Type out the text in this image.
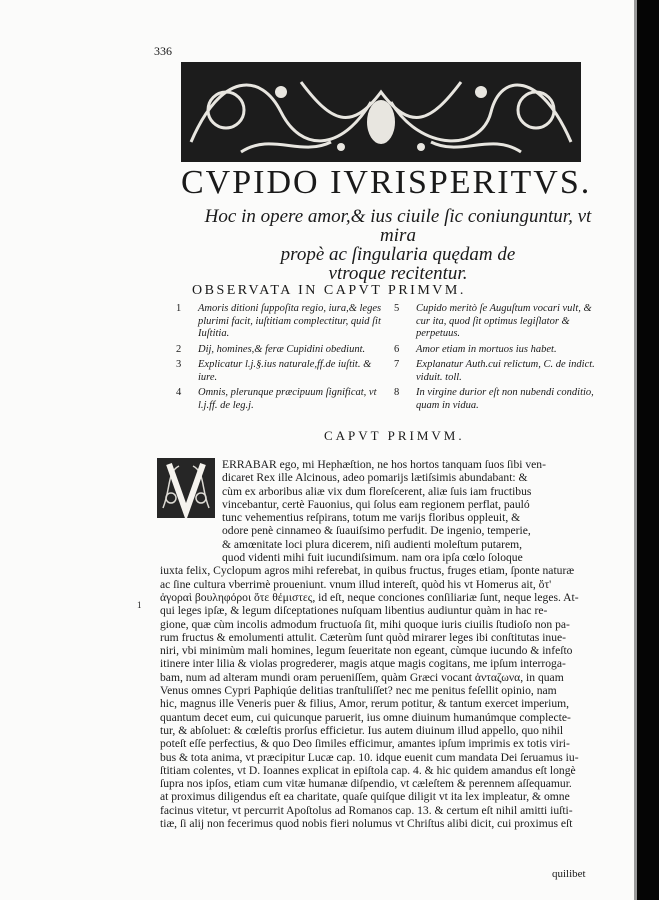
336
CVPIDO IVRISPERITVS.
Hoc in opere amor,& ius ciuile ſic coniunguntur, vt mira
propè ac ſingularia quędam de
vtroque recitentur.
OBSERVATA IN CAPVT PRIMVM.
1	Amoris ditioni ſuppoſita regio, iura,& leges plurimi facit, iuſtitiam complectitur, quid ſit Iuſtitia.
2	Dij, homines,& feræ Cupidini obediunt.
3	Explicatur l.j.§.ius naturale,ff.de iuſtit. & iure.
4	Omnis, plerunque præcipuum ſignificat, vt l.j.ff. de leg.j.
5	Cupido meritò ſe Auguſtum vocari vult, & cur ita, quod ſit optimus legiſlator & perpetuus.
6	Amor etiam in mortuos ius habet.
7	Explanatur Auth.cui relictum, C. de indict. viduit. toll.
8	In virgine durior eſt non nubendi conditio, quam in vidua.
CAPVT PRIMVM.
1
ERRABAR ego, mi Hephæſtion, ne hos hortos tanquam ſuos ſibi ven-
dicaret Rex ille Alcinous, adeo pomarijs lætiſsimis abundabant: &
cùm ex arboribus aliæ vix dum floreſcerent, aliæ ſuis iam fructibus
vincebantur, certè Fauonius, qui ſolus eam regionem perflat, pauló
tunc vehementius reſpirans, totum me varijs floribus oppleuit, &
odore penè cinnameo & ſuauiſsimo perfudit. De ingenio, temperie,
& amœnitate loci plura dicerem, niſi audienti moleſtum putarem,
quod videnti mihi fuit iucundiſsimum. nam ora ipſa cœlo ſoloque
iuxta felix, Cyclopum agros mihi referebat, in quibus fructus, fruges etiam, ſponte naturæ
ac ſine cultura vberrimè proueniunt. vnum illud intereſt, quòd his vt Homerus ait, ὅτ'
ἀγοραὶ βουληφόροι ὅτε θέμιστες, id eſt, neque conciones conſiliariæ ſunt, neque leges. At-
qui leges ipſæ, & legum diſceptationes nuſquam libentius audiuntur quàm in hac re-
gione, quæ cùm incolis admodum fructuoſa ſit, mihi quoque iuris ciuilis ſtudioſo non pa-
rum fructus & emolumenti attulit. Cæterùm ſunt quòd mirarer leges ibi conſtitutas inue-
niri, vbi minimùm mali homines, legum ſeueritate non egeant, cùmque iucundo & infeſto
itinere inter lilia & violas progrederer, magis atque magis cogitans, me ipſum interroga-
bam, num ad alteram mundi oram perueniſſem, quàm Græci vocant ἀνταζωνα, in quam
Venus omnes Cypri Paphiqúe delitias tranſtuliſſet? nec me penitus feſellit opinio, nam
hic, magnus ille Veneris puer & filius, Amor, rerum potitur, & tantum exercet imperium,
quantum decet eum, cui quicunque paruerit, ius omne diuinum humanúmque complecte-
tur, & abſoluet: & cœleſtis prorſus efficietur. Ius autem diuinum illud appello, quo nihil
poteſt eſſe perfectius, & quo Deo ſimiles efficimur, amantes ipſum imprimis ex totis viri-
bus & tota anima, vt præcipitur Lucæ cap. 10. idque euenit cum mandata Dei ſeruamus iu-
ſtitiam colentes, vt D. Ioannes explicat in epiſtola cap. 4. & hic quidem amandus eſt longè
ſupra nos ipſos, etiam cum vitæ humanæ diſpendio, vt cæleſtem & perennem aſſequamur.
at proximus diligendus eſt ea charitate, quaſe quiſque diligit vt ita lex impleatur, & omne
facinus vitetur, vt percurrit Apoſtolus ad Romanos cap. 13. & certum eſt nihil amitti iuſti-
tiæ, ſi alij non fecerimus quod nobis fieri nolumus vt Chriſtus alibi dicit, cui proximus eſt
quilibet
